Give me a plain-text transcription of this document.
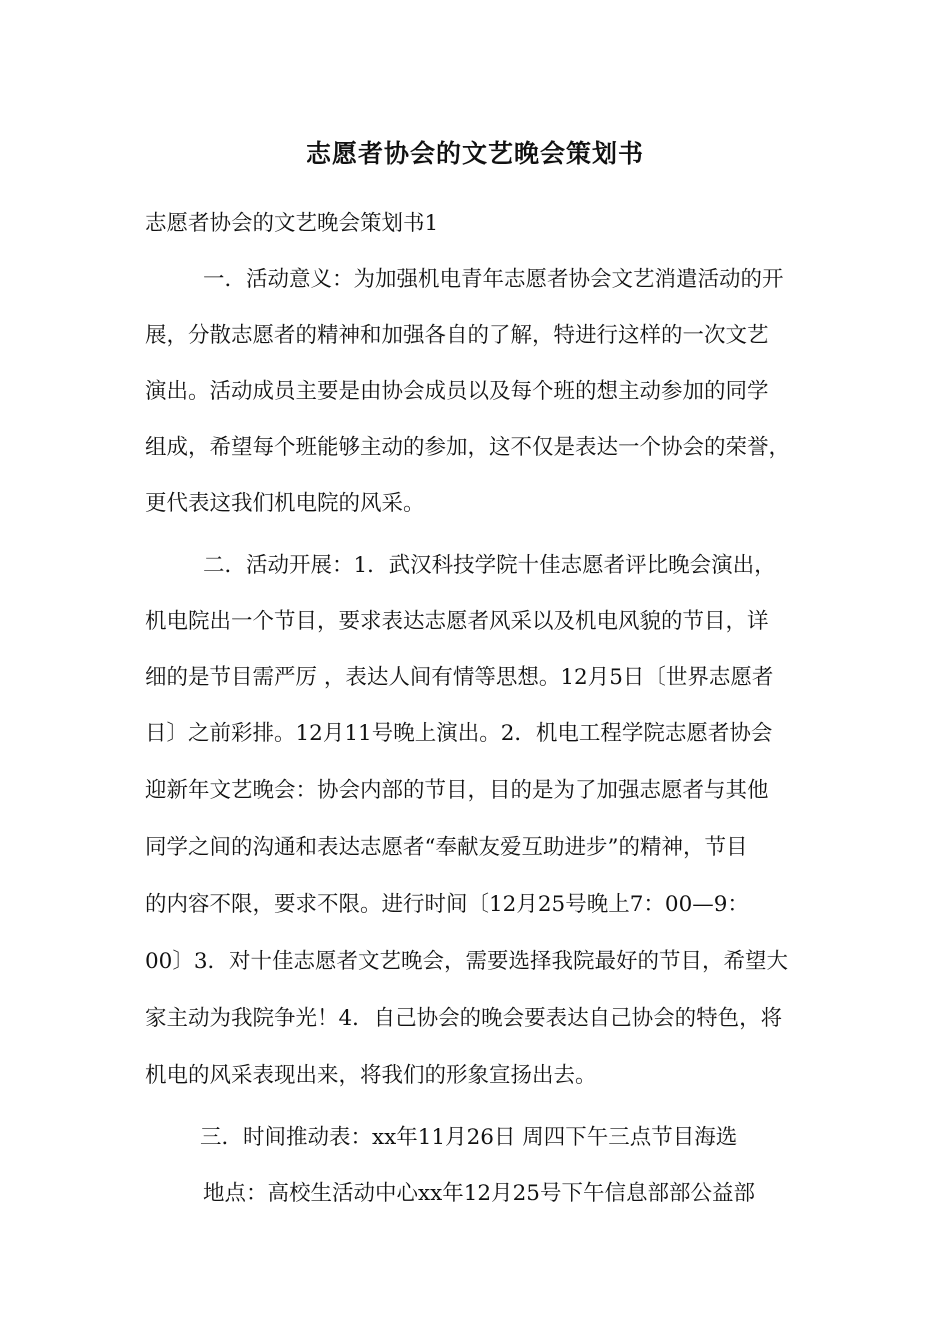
志愿者协会的文艺晚会策划书
志愿者协会的文艺晚会策划书1
一．活动意义：为加强机电青年志愿者协会文艺消遣活动的开
展，分散志愿者的精神和加强各自的了解，特进行这样的一次文艺
演出。活动成员主要是由协会成员以及每个班的想主动参加的同学
组成，希望每个班能够主动的参加，这不仅是表达一个协会的荣誉，
更代表这我们机电院的风采。
二．活动开展：1．武汉科技学院十佳志愿者评比晚会演出，
机电院出一个节目，要求表达志愿者风采以及机电风貌的节目，详
细的是节目需严厉 ，表达人间有情等思想。12月5日〔世界志愿者
日〕之前彩排。12月11号晚上演出。2．机电工程学院志愿者协会
迎新年文艺晚会：协会内部的节目，目的是为了加强志愿者与其他
同学之间的沟通和表达志愿者“奉献友爱互助进步”的精神，节目
的内容不限，要求不限。进行时间〔12月25号晚上7：00—9：
00〕3．对十佳志愿者文艺晚会，需要选择我院最好的节目，希望大
家主动为我院争光！4．自己协会的晚会要表达自己协会的特色，将
机电的风采表现出来，将我们的形象宣扬出去。
三．时间推动表：xx年11月26日 周四下午三点节目海选
地点：高校生活动中心xx年12月25号下午信息部部公益部
